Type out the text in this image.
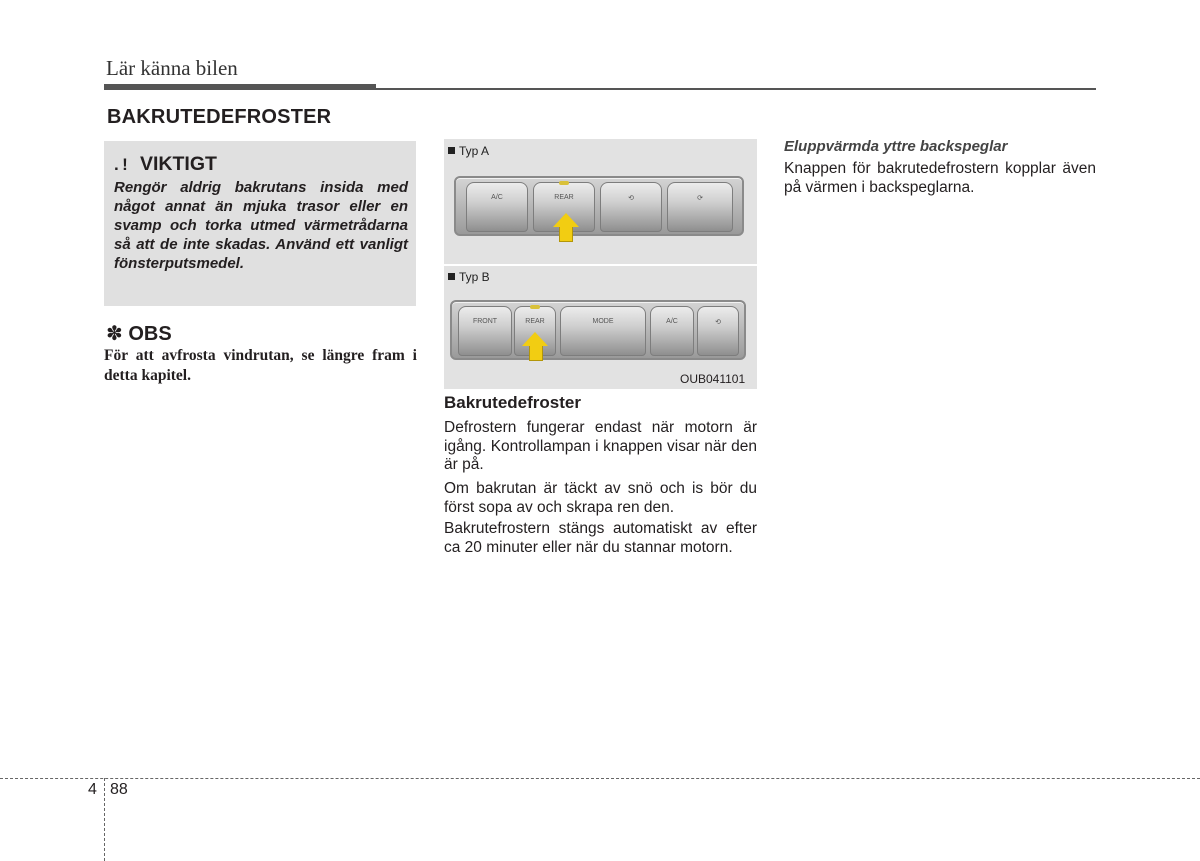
Lär känna bilen
BAKRUTEDEFROSTER
. ! VIKTIGT
Rengör aldrig bakrutans insida med något annat än mjuka trasor eller en svamp och torka utmed värmetrådarna så att de inte skadas. Använd ett vanligt fönsterputsmedel.
✽ OBS
För att avfrosta vindrutan, se längre fram i detta kapitel.
Typ A
A/C	REAR	⟲	⟳
Typ B
FRONT	REAR	MODE	A/C	⟲
OUB041101
Bakrutedefroster
Defrostern fungerar endast när motorn är igång. Kontrollampan i knappen visar när den är på.
Om bakrutan är täckt av snö och is bör du först sopa av och skrapa ren den.
Bakrutefrostern stängs automatiskt av efter ca 20 minuter eller när du stannar motorn.
Eluppvärmda yttre backspeglar
Knappen för bakrutedefrostern kopplar även på värmen i backspeglarna.
4 88
